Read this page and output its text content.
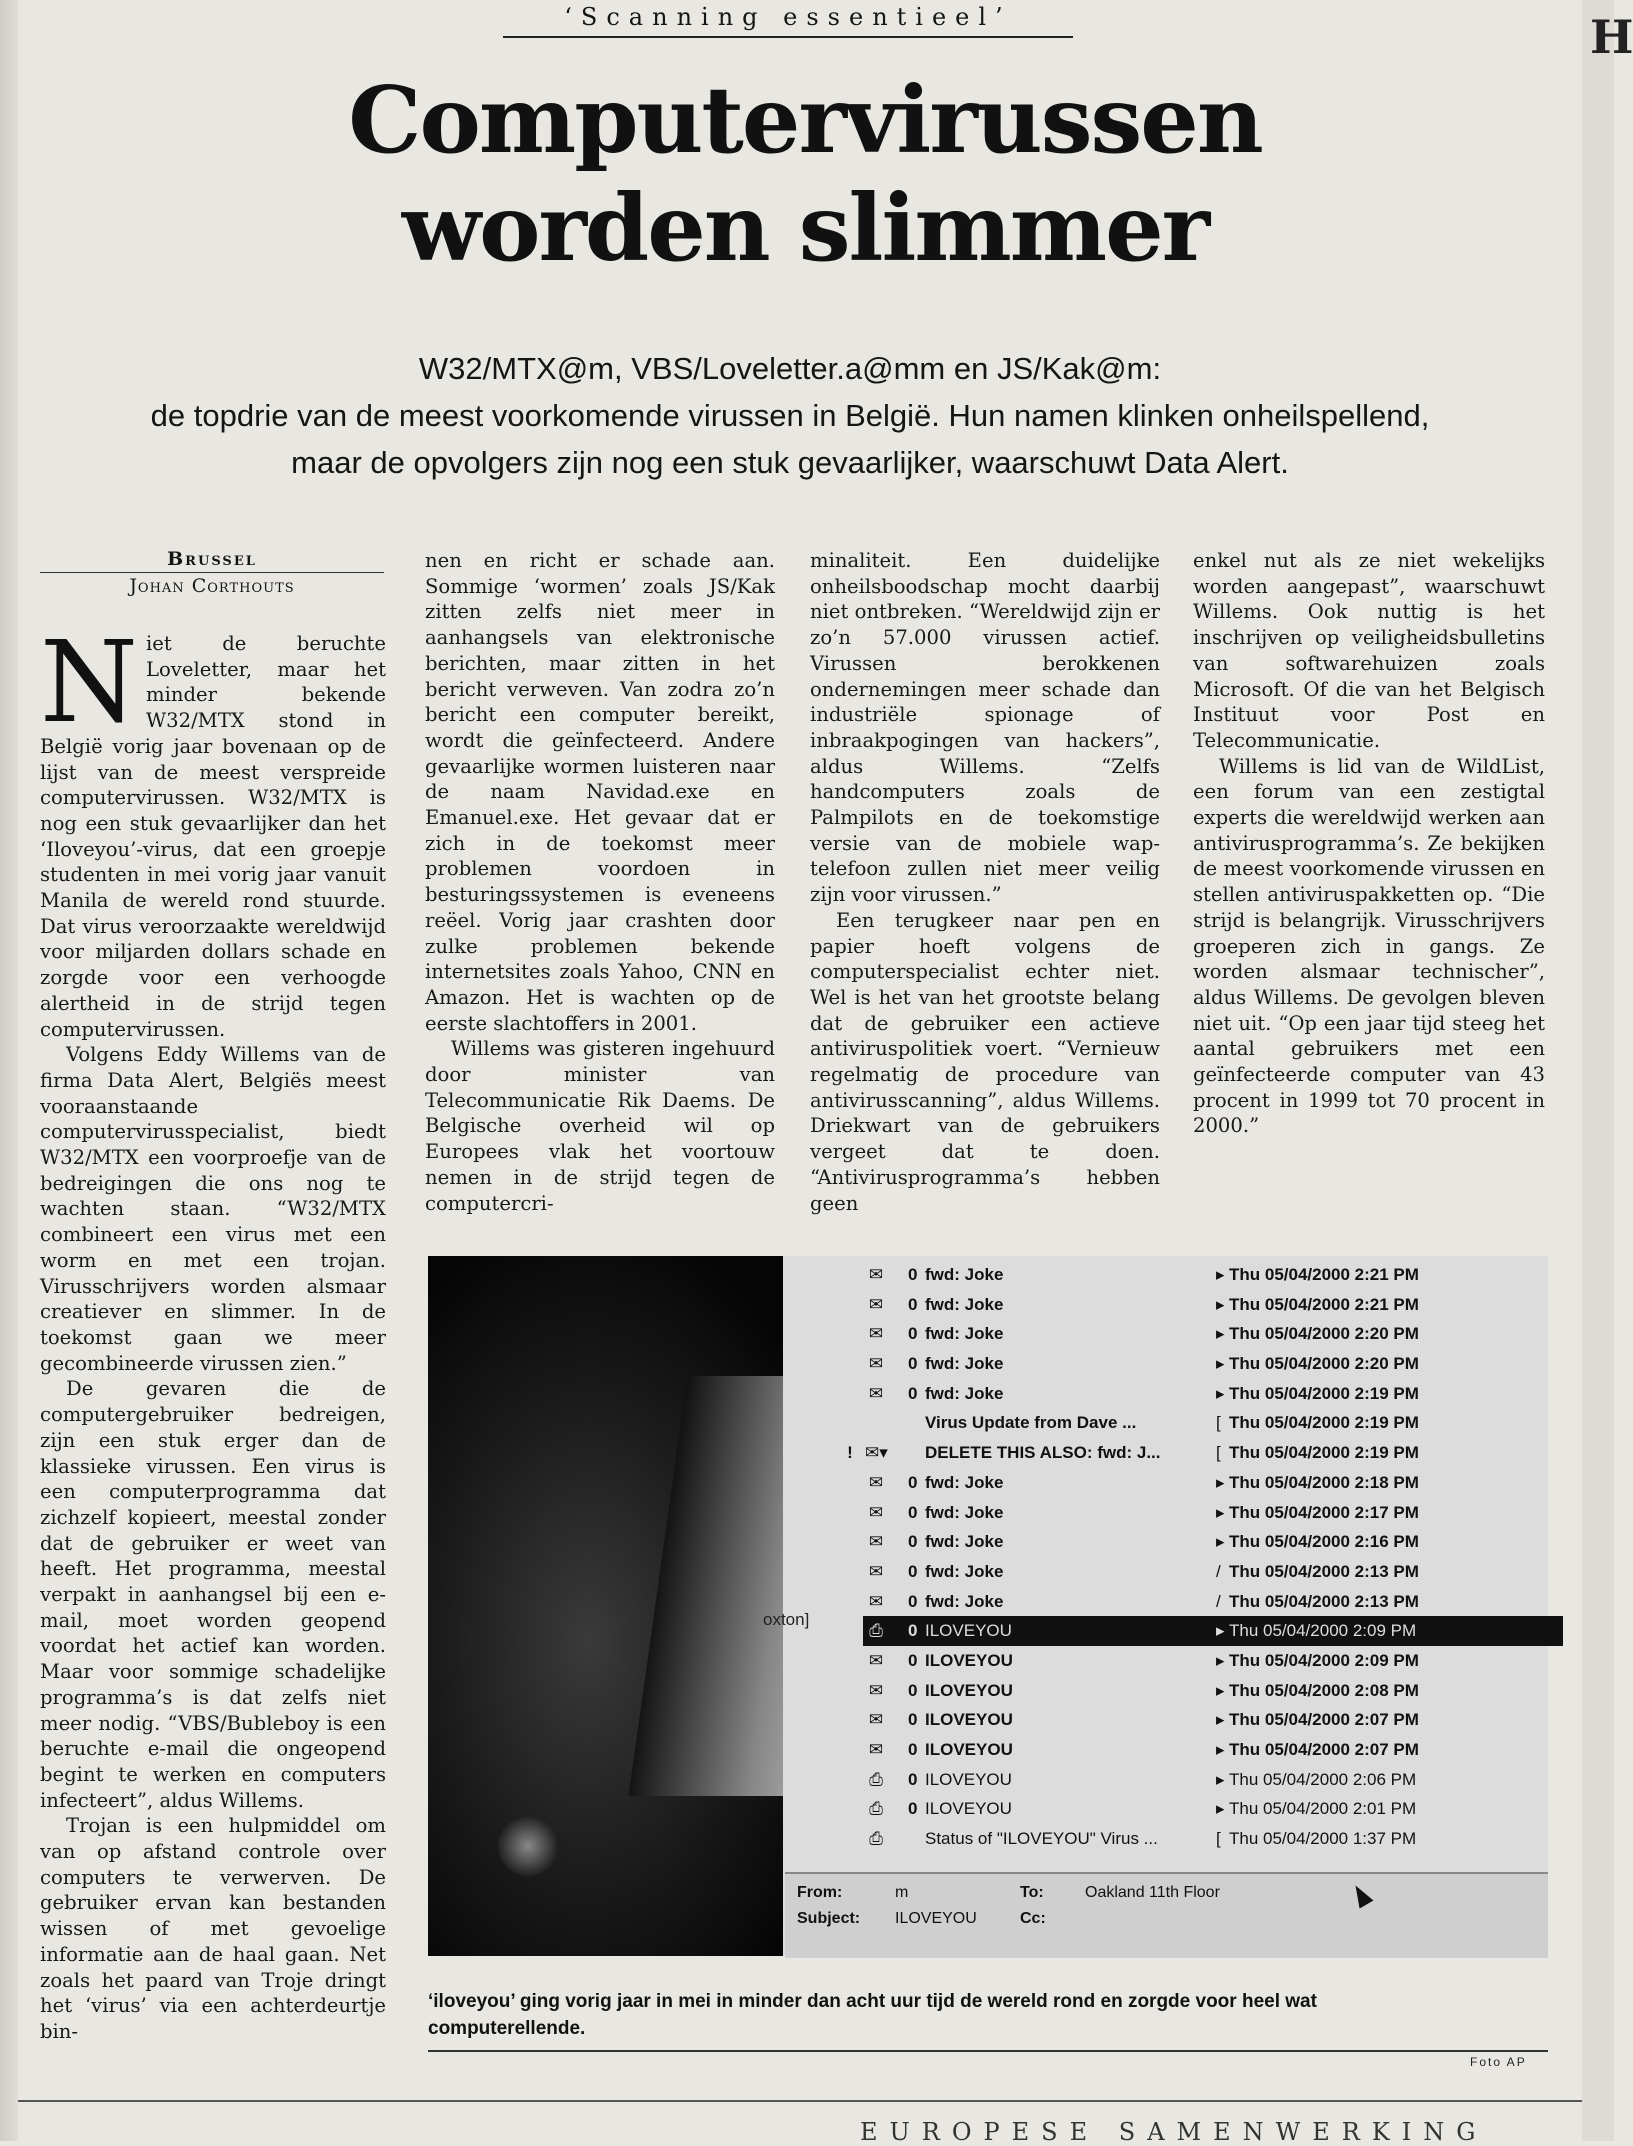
H
‘Scanning essentieel’
Computervirussen
worden slimmer
W32/MTX@m, VBS/Loveletter.a@mm en JS/Kak@m:
de topdrie van de meest voorkomende virussen in België. Hun namen klinken onheilspellend,
maar de opvolgers zijn nog een stuk gevaarlijker, waarschuwt Data Alert.
Brussel
Johan Corthouts

Niet de beruchte Loveletter, maar het minder bekende W32/MTX stond in België vorig jaar bovenaan op de lijst van de meest verspreide computervirussen. W32/MTX is nog een stuk gevaarlijker dan het ‘Iloveyou’-virus, dat een groepje studenten in mei vorig jaar vanuit Manila de wereld rond stuurde. Dat virus veroorzaakte wereldwijd voor miljarden dollars schade en zorgde voor een verhoogde alertheid in de strijd tegen computervirussen.

Volgens Eddy Willems van de firma Data Alert, Belgiës meest vooraanstaande computervirusspecialist, biedt W32/MTX een voorproefje van de bedreigingen die ons nog te wachten staan. “W32/MTX combineert een virus met een worm en met een trojan. Virusschrijvers worden alsmaar creatiever en slimmer. In de toekomst gaan we meer gecombineerde virussen zien.”

De gevaren die de computergebruiker bedreigen, zijn een stuk erger dan de klassieke virussen. Een virus is een computerprogramma dat zichzelf kopieert, meestal zonder dat de gebruiker er weet van heeft. Het programma, meestal verpakt in aanhangsel bij een e-mail, moet worden geopend voordat het actief kan worden. Maar voor sommige schadelijke programma’s is dat zelfs niet meer nodig. “VBS/Bubleboy is een beruchte e-mail die ongeopend begint te werken en computers infecteert”, aldus Willems.

Trojan is een hulpmiddel om van op afstand controle over computers te verwerven. De gebruiker ervan kan bestanden wissen of met gevoelige informatie aan de haal gaan. Net zoals het paard van Troje dringt het ‘virus’ via een achterdeurtje bin-

nen en richt er schade aan. Sommige ‘wormen’ zoals JS/Kak zitten zelfs niet meer in aanhangsels van elektronische berichten, maar zitten in het bericht verweven. Van zodra zo’n bericht een computer bereikt, wordt die geïnfecteerd. Andere gevaarlijke wormen luisteren naar de naam Navidad.exe en Emanuel.exe. Het gevaar dat er zich in de toekomst meer problemen voordoen in besturingssystemen is eveneens reëel. Vorig jaar crashten door zulke problemen bekende internetsites zoals Yahoo, CNN en Amazon. Het is wachten op de eerste slachtoffers in 2001.

Willems was gisteren ingehuurd door minister van Telecommunicatie Rik Daems. De Belgische overheid wil op Europees vlak het voortouw nemen in de strijd tegen de computercri-

minaliteit. Een duidelijke onheilsboodschap mocht daarbij niet ontbreken. “Wereldwijd zijn er zo’n 57.000 virussen actief. Virussen berokkenen ondernemingen meer schade dan industriële spionage of inbraakpogingen van hackers”, aldus Willems. “Zelfs handcomputers zoals de Palmpilots en de toekomstige versie van de mobiele wap-telefoon zullen niet meer veilig zijn voor virussen.”

Een terugkeer naar pen en papier hoeft volgens de computerspecialist echter niet. Wel is het van het grootste belang dat de gebruiker een actieve antiviruspolitiek voert. “Vernieuw regelmatig de procedure van antivirusscanning”, aldus Willems. Driekwart van de gebruikers vergeet dat te doen. “Antivirusprogramma’s hebben geen

enkel nut als ze niet wekelijks worden aangepast”, waarschuwt Willems. Ook nuttig is het inschrijven op veiligheidsbulletins van softwarehuizen zoals Microsoft. Of die van het Belgisch Instituut voor Post en Telecommunicatie.

Willems is lid van de WildList, een forum van een zestigtal experts die wereldwijd werken aan antivirusprogramma’s. Ze bekijken de meest voorkomende virussen en stellen antiviruspakketten op. “Die strijd is belangrijk. Virusschrijvers groeperen zich in gangs. Ze worden alsmaar technischer”, aldus Willems. De gevolgen bleven niet uit. “Op een jaar tijd steeg het aantal gebruikers met een geïnfecteerde computer van 43 procent in 1999 tot 70 procent in 2000.”

oxton]
✉ 0 fwd: Joke	▸ Thu 05/04/2000 2:21 PM
✉ 0 fwd: Joke	▸ Thu 05/04/2000 2:21 PM
✉ 0 fwd: Joke	▸ Thu 05/04/2000 2:20 PM
✉ 0 fwd: Joke	▸ Thu 05/04/2000 2:20 PM
✉ 0 fwd: Joke	▸ Thu 05/04/2000 2:19 PM
Virus Update from Dave ...	[ Thu 05/04/2000 2:19 PM
! ✉▾ DELETE THIS ALSO: fwd: J...	[ Thu 05/04/2000 2:19 PM
✉ 0 fwd: Joke	▸ Thu 05/04/2000 2:18 PM
✉ 0 fwd: Joke	▸ Thu 05/04/2000 2:17 PM
✉ 0 fwd: Joke	▸ Thu 05/04/2000 2:16 PM
✉ 0 fwd: Joke	/ Thu 05/04/2000 2:13 PM
✉ 0 fwd: Joke	/ Thu 05/04/2000 2:13 PM
⎙ 0 ILOVEYOU	▸ Thu 05/04/2000 2:09 PM
✉ 0 ILOVEYOU	▸ Thu 05/04/2000 2:09 PM
✉ 0 ILOVEYOU	▸ Thu 05/04/2000 2:08 PM
✉ 0 ILOVEYOU	▸ Thu 05/04/2000 2:07 PM
✉ 0 ILOVEYOU	▸ Thu 05/04/2000 2:07 PM
⎙ 0 ILOVEYOU	▸ Thu 05/04/2000 2:06 PM
⎙ 0 ILOVEYOU	▸ Thu 05/04/2000 2:01 PM
⎙ Status of "ILOVEYOU" Virus ...	[ Thu 05/04/2000 1:37 PM
From:	m	To:	Oakland 11th Floor
Subject: ILOVEYOU	Cc:
‘iloveyou’ ging vorig jaar in mei in minder dan acht uur tijd de wereld rond en zorgde voor heel wat computerellende.
Foto AP
EUROPESE SAMENWERKING
